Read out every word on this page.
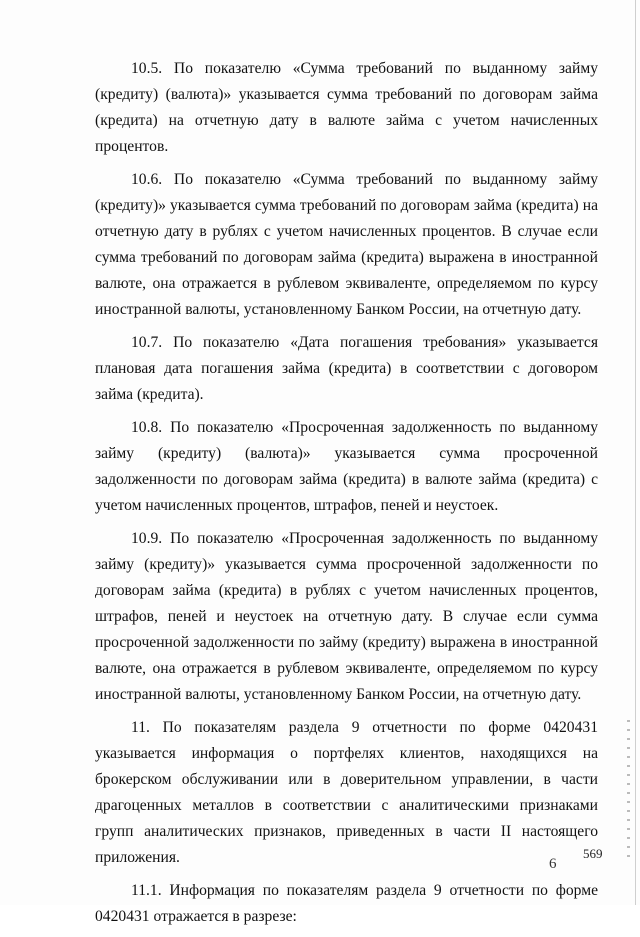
10.5. По показателю «Сумма требований по выданному займу (кредиту) (валюта)» указывается сумма требований по договорам займа (кредита) на отчетную дату в валюте займа с учетом начисленных процентов.

10.6. По показателю «Сумма требований по выданному займу (кредиту)» указывается сумма требований по договорам займа (кредита) на отчетную дату в рублях с учетом начисленных процентов. В случае если сумма требований по договорам займа (кредита) выражена в иностранной валюте, она отражается в рублевом эквиваленте, определяемом по курсу иностранной валюты, установленному Банком России, на отчетную дату.

10.7. По показателю «Дата погашения требования» указывается плановая дата погашения займа (кредита) в соответствии с договором займа (кредита).

10.8. По показателю «Просроченная задолженность по выданному займу (кредиту) (валюта)» указывается сумма просроченной задолженности по договорам займа (кредита) в валюте займа (кредита) с учетом начисленных процентов, штрафов, пеней и неустоек.

10.9. По показателю «Просроченная задолженность по выданному займу (кредиту)» указывается сумма просроченной задолженности по договорам займа (кредита) в рублях с учетом начисленных процентов, штрафов, пеней и неустоек на отчетную дату. В случае если сумма просроченной задолженности по займу (кредиту) выражена в иностранной валюте, она отражается в рублевом эквиваленте, определяемом по курсу иностранной валюты, установленному Банком России, на отчетную дату.

11. По показателям раздела 9 отчетности по форме 0420431 указывается информация о портфелях клиентов, находящихся на брокерском обслуживании или в доверительном управлении, в части драгоценных металлов в соответствии с аналитическими признаками групп аналитических признаков, приведенных в части II настоящего приложения.

11.1. Информация по показателям раздела 9 отчетности по форме 0420431 отражается в разрезе:

6
569
